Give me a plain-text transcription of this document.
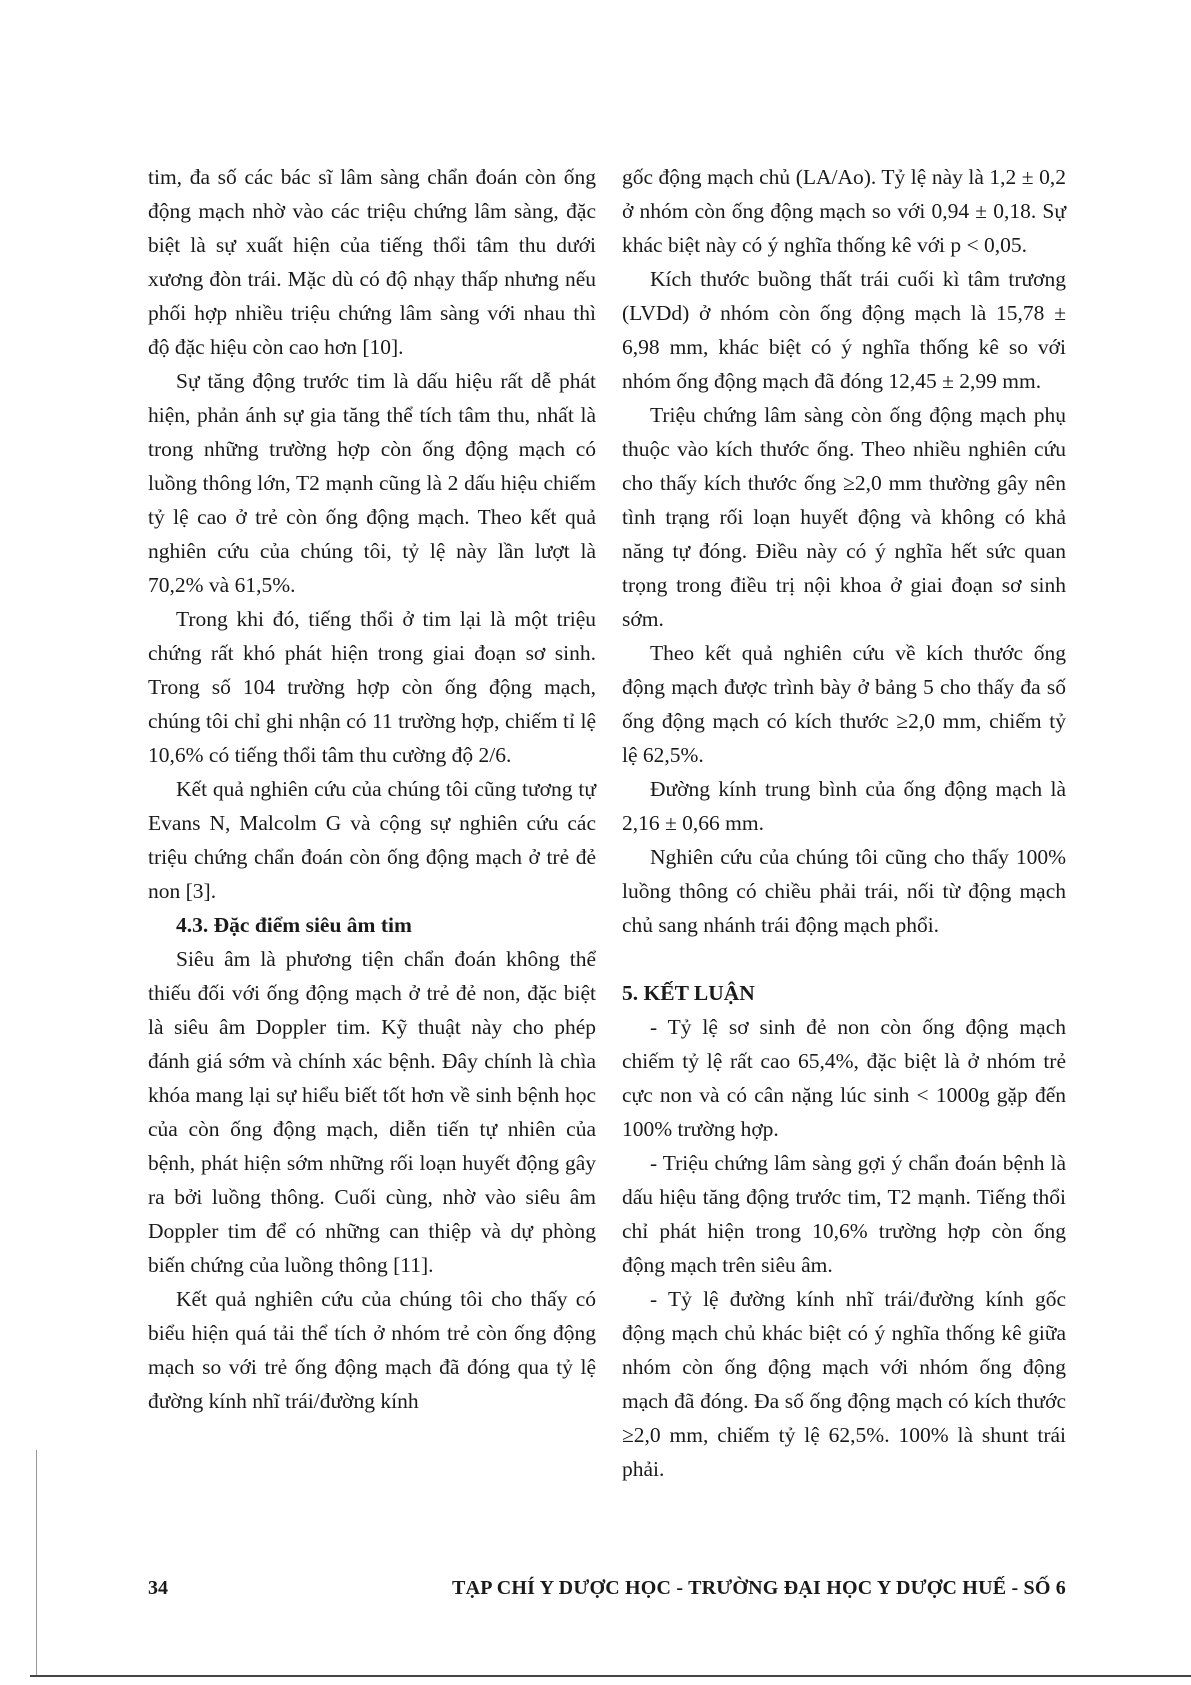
tim, đa số các bác sĩ lâm sàng chẩn đoán còn ống động mạch nhờ vào các triệu chứng lâm sàng, đặc biệt là sự xuất hiện của tiếng thổi tâm thu dưới xương đòn trái. Mặc dù có độ nhạy thấp nhưng nếu phối hợp nhiều triệu chứng lâm sàng với nhau thì độ đặc hiệu còn cao hơn [10].

Sự tăng động trước tim là dấu hiệu rất dễ phát hiện, phản ánh sự gia tăng thể tích tâm thu, nhất là trong những trường hợp còn ống động mạch có luồng thông lớn, T2 mạnh cũng là 2 dấu hiệu chiếm tỷ lệ cao ở trẻ còn ống động mạch. Theo kết quả nghiên cứu của chúng tôi, tỷ lệ này lần lượt là 70,2% và 61,5%.

Trong khi đó, tiếng thổi ở tim lại là một triệu chứng rất khó phát hiện trong giai đoạn sơ sinh. Trong số 104 trường hợp còn ống động mạch, chúng tôi chỉ ghi nhận có 11 trường hợp, chiếm tỉ lệ 10,6% có tiếng thổi tâm thu cường độ 2/6.

Kết quả nghiên cứu của chúng tôi cũng tương tự Evans N, Malcolm G và cộng sự nghiên cứu các triệu chứng chẩn đoán còn ống động mạch ở trẻ đẻ non [3].

4.3. Đặc điểm siêu âm tim

Siêu âm là phương tiện chẩn đoán không thể thiếu đối với ống động mạch ở trẻ đẻ non, đặc biệt là siêu âm Doppler tim. Kỹ thuật này cho phép đánh giá sớm và chính xác bệnh. Đây chính là chìa khóa mang lại sự hiểu biết tốt hơn về sinh bệnh học của còn ống động mạch, diễn tiến tự nhiên của bệnh, phát hiện sớm những rối loạn huyết động gây ra bởi luồng thông. Cuối cùng, nhờ vào siêu âm Doppler tim để có những can thiệp và dự phòng biến chứng của luồng thông [11].

Kết quả nghiên cứu của chúng tôi cho thấy có biểu hiện quá tải thể tích ở nhóm trẻ còn ống động mạch so với trẻ ống động mạch đã đóng qua tỷ lệ đường kính nhĩ trái/đường kính

gốc động mạch chủ (LA/Ao). Tỷ lệ này là 1,2 ± 0,2 ở nhóm còn ống động mạch so với 0,94 ± 0,18. Sự khác biệt này có ý nghĩa thống kê với p < 0,05.

Kích thước buồng thất trái cuối kì tâm trương (LVDd) ở nhóm còn ống động mạch là 15,78 ± 6,98 mm, khác biệt có ý nghĩa thống kê so với nhóm ống động mạch đã đóng 12,45 ± 2,99 mm.

Triệu chứng lâm sàng còn ống động mạch phụ thuộc vào kích thước ống. Theo nhiều nghiên cứu cho thấy kích thước ống ≥2,0 mm thường gây nên tình trạng rối loạn huyết động và không có khả năng tự đóng. Điều này có ý nghĩa hết sức quan trọng trong điều trị nội khoa ở giai đoạn sơ sinh sớm.

Theo kết quả nghiên cứu về kích thước ống động mạch được trình bày ở bảng 5 cho thấy đa số ống động mạch có kích thước ≥2,0 mm, chiếm tỷ lệ 62,5%.

Đường kính trung bình của ống động mạch là 2,16 ± 0,66 mm.

Nghiên cứu của chúng tôi cũng cho thấy 100% luồng thông có chiều phải trái, nối từ động mạch chủ sang nhánh trái động mạch phổi.

5. KẾT LUẬN

- Tỷ lệ sơ sinh đẻ non còn ống động mạch chiếm tỷ lệ rất cao 65,4%, đặc biệt là ở nhóm trẻ cực non và có cân nặng lúc sinh < 1000g gặp đến 100% trường hợp.

- Triệu chứng lâm sàng gợi ý chẩn đoán bệnh là dấu hiệu tăng động trước tim, T2 mạnh. Tiếng thổi chỉ phát hiện trong 10,6% trường hợp còn ống động mạch trên siêu âm.

- Tỷ lệ đường kính nhĩ trái/đường kính gốc động mạch chủ khác biệt có ý nghĩa thống kê giữa nhóm còn ống động mạch với nhóm ống động mạch đã đóng. Đa số ống động mạch có kích thước ≥2,0 mm, chiếm tỷ lệ 62,5%. 100% là shunt trái phải.

34	TẠP CHÍ Y DƯỢC HỌC - TRƯỜNG ĐẠI HỌC Y DƯỢC HUẾ - SỐ 6
